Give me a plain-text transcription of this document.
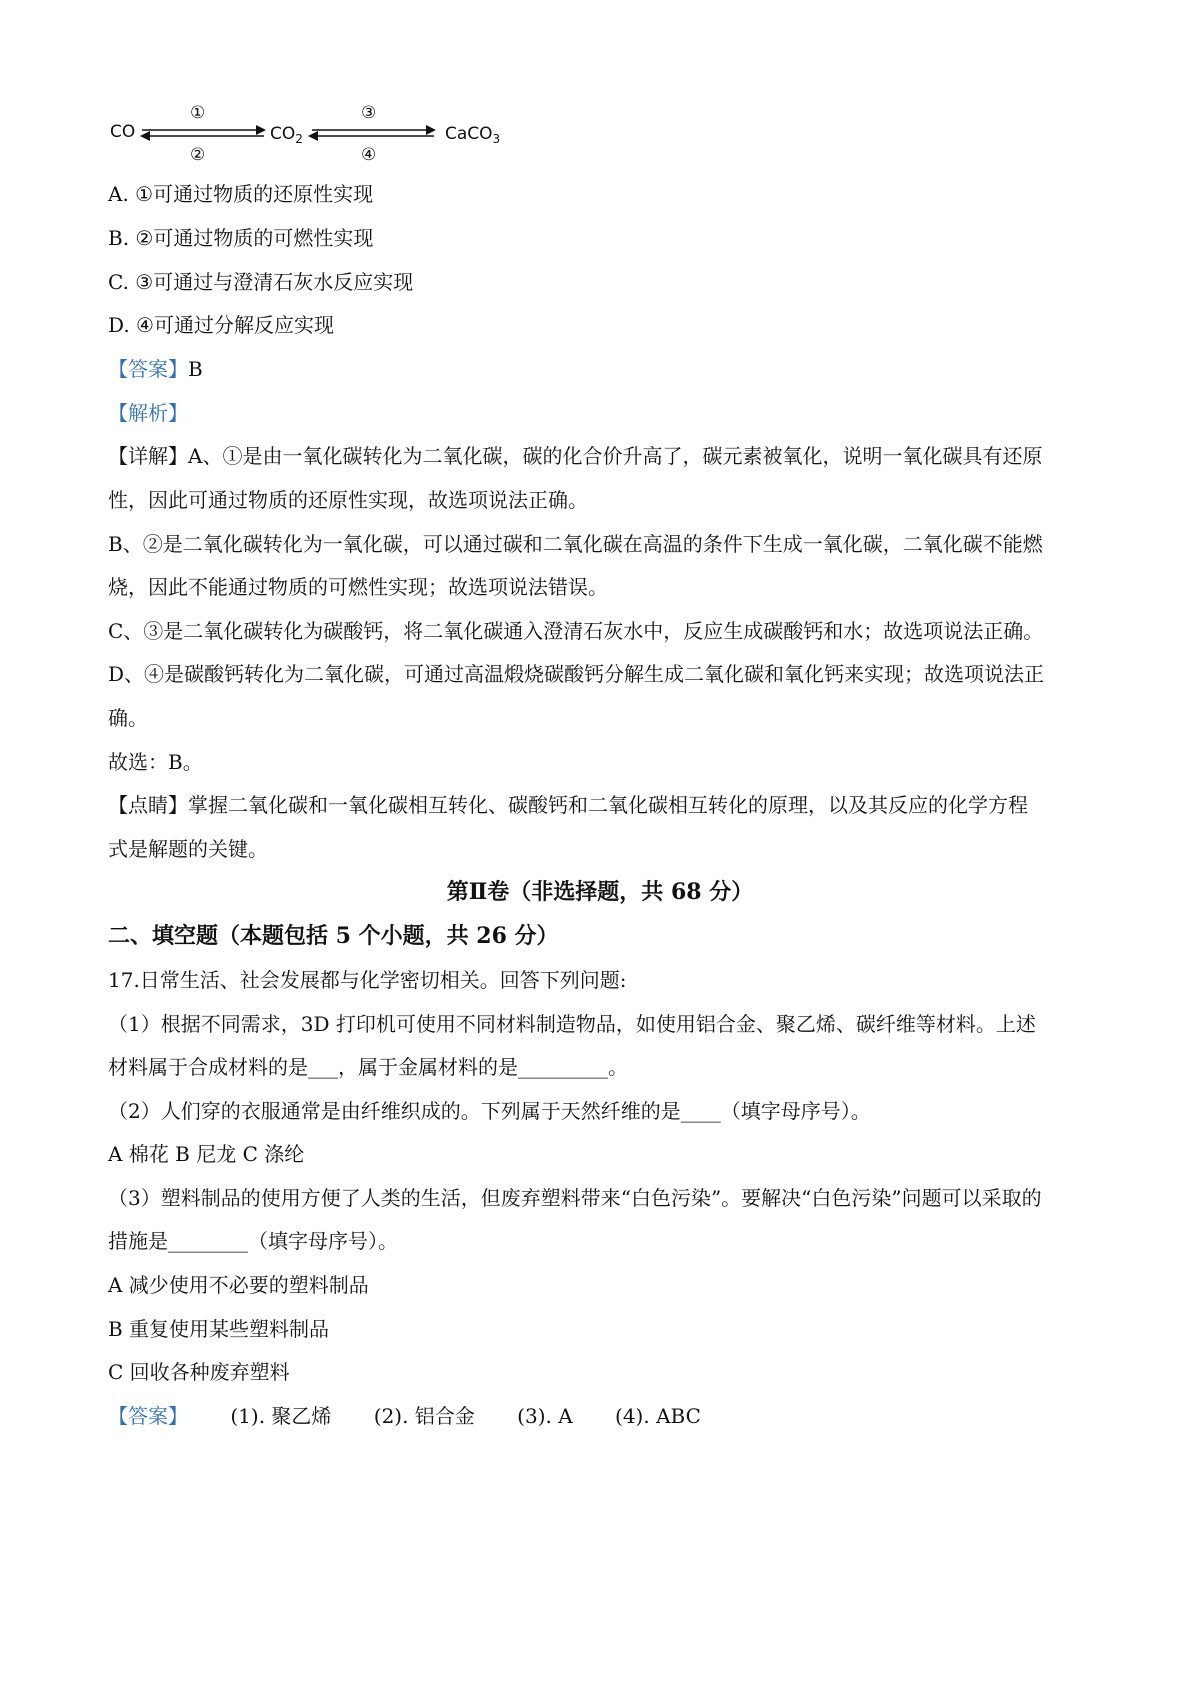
CO
①
②
$CO_2$
③
④
CaCO$_3$
A. ①可通过物质的还原性实现
B. ②可通过物质的可燃性实现
C. ③可通过与澄清石灰水反应实现
D. ④可通过分解反应实现
【答案】B
【解析】
【详解】A、①是由一氧化碳转化为二氧化碳，碳的化合价升高了，碳元素被氧化，说明一氧化碳具有还原
性，因此可通过物质的还原性实现，故选项说法正确。
B、②是二氧化碳转化为一氧化碳，可以通过碳和二氧化碳在高温的条件下生成一氧化碳，二氧化碳不能燃
烧，因此不能通过物质的可燃性实现；故选项说法错误。
C、③是二氧化碳转化为碳酸钙，将二氧化碳通入澄清石灰水中，反应生成碳酸钙和水；故选项说法正确。
D、④是碳酸钙转化为二氧化碳，可通过高温煅烧碳酸钙分解生成二氧化碳和氧化钙来实现；故选项说法正
确。
故选：B。
【点睛】掌握二氧化碳和一氧化碳相互转化、碳酸钙和二氧化碳相互转化的原理，以及其反应的化学方程
式是解题的关键。
第Ⅱ卷（非选择题，共 68 分）
二、填空题（本题包括 5 个小题，共 26 分）
17.日常生活、社会发展都与化学密切相关。回答下列问题:
（1）根据不同需求，3D 打印机可使用不同材料制造物品，如使用铝合金、聚乙烯、碳纤维等材料。上述
材料属于合成材料的是___，属于金属材料的是_________。
（2）人们穿的衣服通常是由纤维织成的。下列属于天然纤维的是____（填字母序号）。
A 棉花 B 尼龙 C 涤纶
（3）塑料制品的使用方便了人类的生活，但废弃塑料带来“白色污染”。要解决“白色污染”问题可以采取的
措施是________（填字母序号）。
A 减少使用不必要的塑料制品
B 重复使用某些塑料制品
C 回收各种废弃塑料
【答案】 (1). 聚乙烯 (2). 铝合金 (3). A (4). ABC
